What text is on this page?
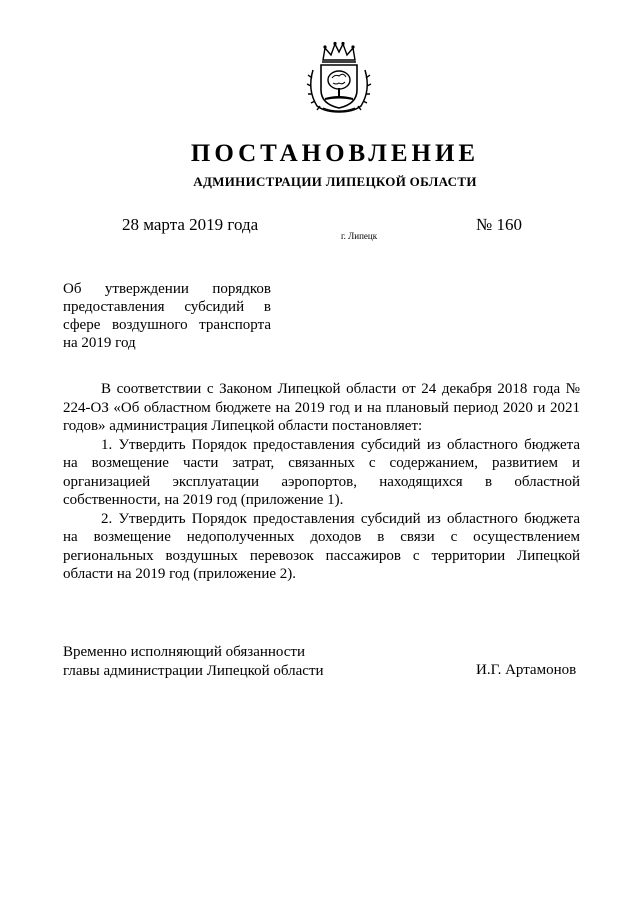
ПОСТАНОВЛЕНИЕ
АДМИНИСТРАЦИИ ЛИПЕЦКОЙ ОБЛАСТИ
28 марта 2019 года
г. Липецк
№ 160
Об утверждении порядков предоставления субсидий в сфере воздушного транспорта на 2019 год

В соответствии с Законом Липецкой области от 24 декабря 2018 года № 224-ОЗ «Об областном бюджете на 2019 год и на плановый период 2020 и 2021 годов» администрация Липецкой области постановляет:

1. Утвердить Порядок предоставления субсидий из областного бюджета на возмещение части затрат, связанных с содержанием, развитием и организацией эксплуатации аэропортов, находящихся в областной собственности, на 2019 год (приложение 1).

2. Утвердить Порядок предоставления субсидий из областного бюджета на возмещение недополученных доходов в связи с осуществлением региональных воздушных перевозок пассажиров с территории Липецкой области на 2019 год (приложение 2).

Временно исполняющий обязанности
главы администрации Липецкой области	И.Г. Артамонов
